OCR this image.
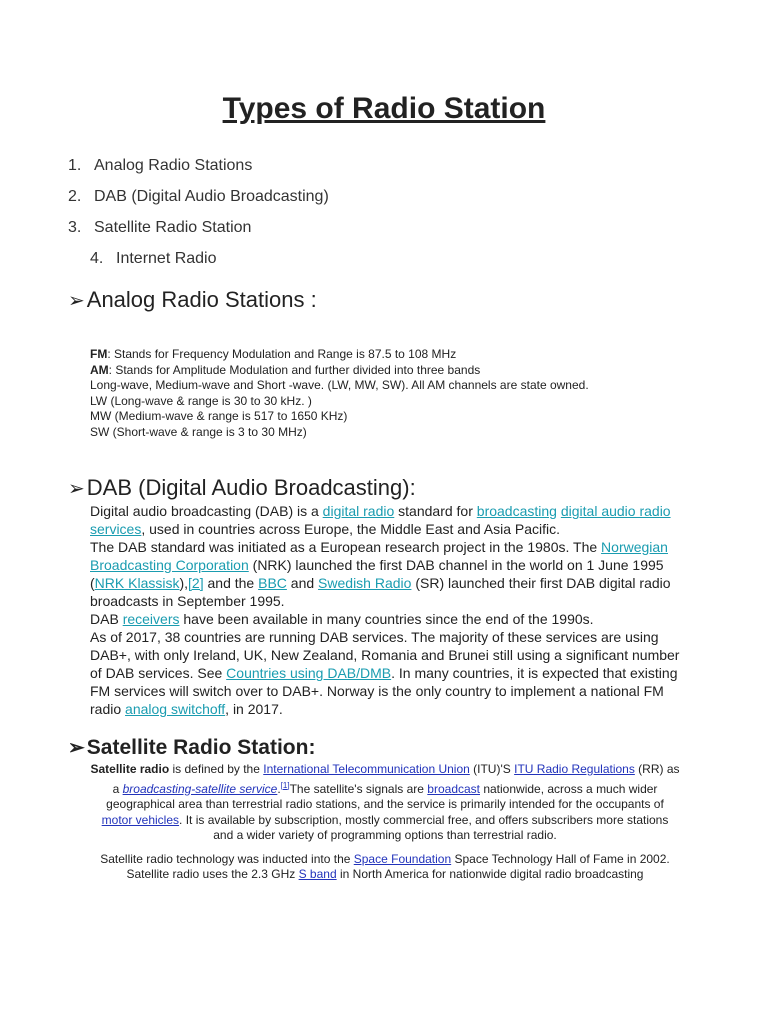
Types of Radio Station
1. Analog Radio Stations
2. DAB (Digital Audio Broadcasting)
3. Satellite Radio Station
4. Internet Radio
➢Analog Radio Stations :
FM: Stands for Frequency Modulation and Range is 87.5 to 108 MHz
AM: Stands for Amplitude Modulation and further divided into three bands
Long-wave, Medium-wave and Short -wave. (LW, MW, SW). All AM channels are state owned.
LW (Long-wave & range is 30 to 30 kHz. )
MW (Medium-wave & range is 517 to 1650 KHz)
SW (Short-wave & range is 3 to 30 MHz)
➢DAB (Digital Audio Broadcasting):

Digital audio broadcasting (DAB) is a digital radio standard for broadcasting digital audio radio services, used in countries across Europe, the Middle East and Asia Pacific.

The DAB standard was initiated as a European research project in the 1980s. The Norwegian Broadcasting Corporation (NRK) launched the first DAB channel in the world on 1 June 1995 (NRK Klassisk),[2] and the BBC and Swedish Radio (SR) launched their first DAB digital radio broadcasts in September 1995.

DAB receivers have been available in many countries since the end of the 1990s.

As of 2017, 38 countries are running DAB services. The majority of these services are using DAB+, with only Ireland, UK, New Zealand, Romania and Brunei still using a significant number of DAB services. See Countries using DAB/DMB. In many countries, it is expected that existing FM services will switch over to DAB+. Norway is the only country to implement a national FM radio analog switchoff, in 2017.

➢Satellite Radio Station:

Satellite radio is defined by the International Telecommunication Union (ITU)'S ITU Radio Regulations (RR) as a broadcasting-satellite service.[1]The satellite's signals are broadcast nationwide, across a much wider geographical area than terrestrial radio stations, and the service is primarily intended for the occupants of motor vehicles. It is available by subscription, mostly commercial free, and offers subscribers more stations and a wider variety of programming options than terrestrial radio.

Satellite radio technology was inducted into the Space Foundation Space Technology Hall of Fame in 2002. Satellite radio uses the 2.3 GHz S band in North America for nationwide digital radio broadcasting
